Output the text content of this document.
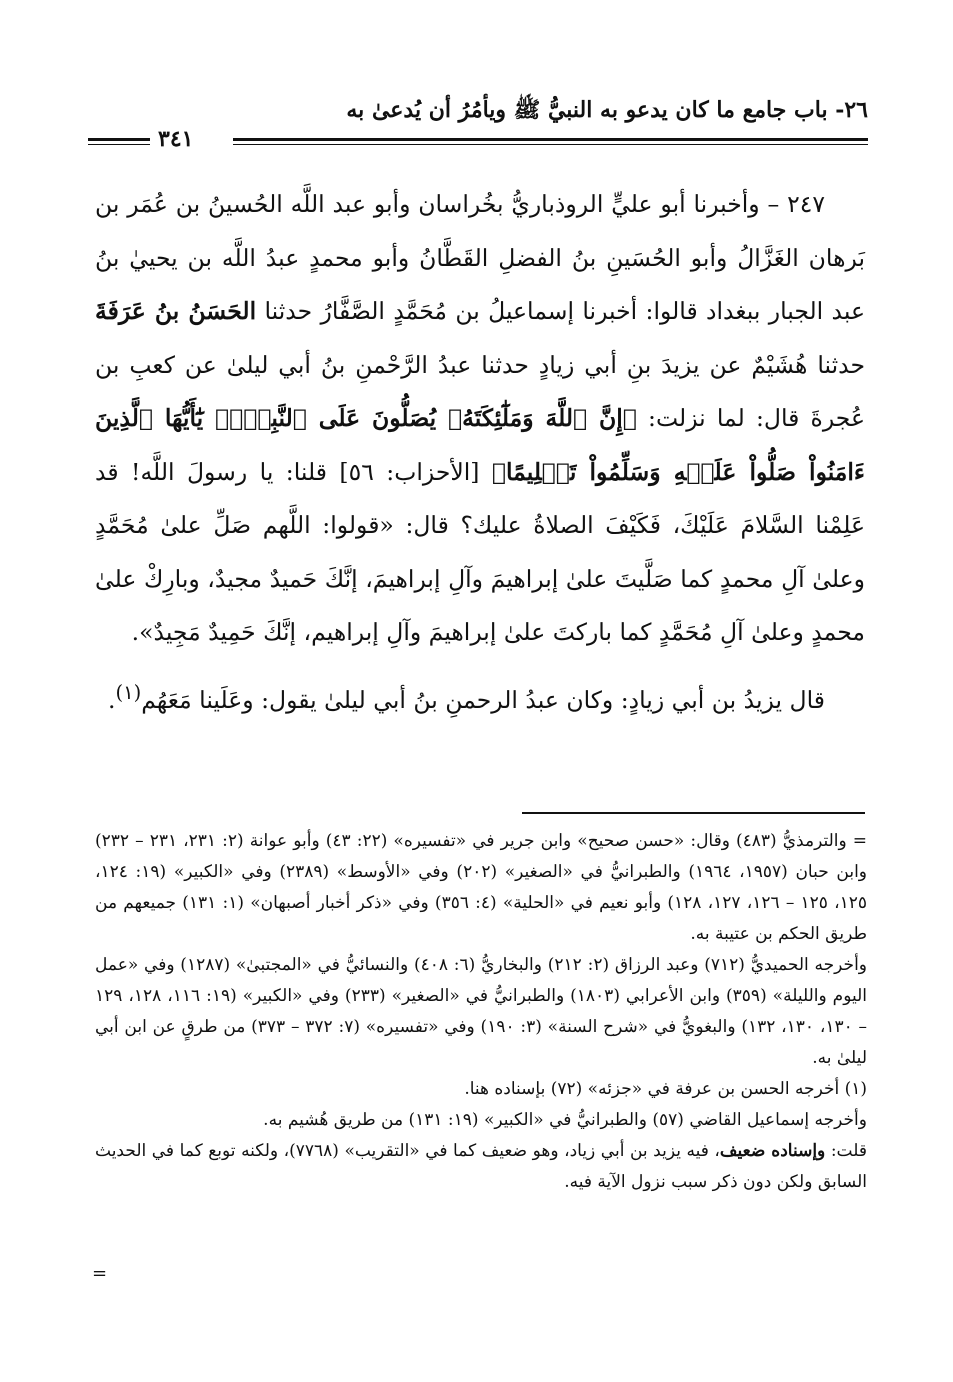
٢٦- باب جامع ما كان يدعو به النبيُّ ﷺ ويأمُرُ أن يُدعىٰ به
٣٤١

٢٤٧ – وأخبرنا أبو عليٍّ الروذباريُّ بخُراسان وأبو عبد اللَّه الحُسينُ بن عُمَر بن بَرهان الغَزَّالُ وأبو الحُسَينِ بنُ الفضلِ القَطَّانُ وأبو محمدٍ عبدُ اللَّه بن يحييٰ بنُ عبد الجبار ببغداد قالوا: أخبرنا إسماعيلُ بن مُحَمَّدٍ الصَّفَّارُ حدثنا الحَسَنُ بنُ عَرَفَةَ حدثنا هُشَيْمٌ عن يزيدَ بنِ أبي زيادٍ حدثنا عبدُ الرَّحْمنِ بنُ أبي ليلىٰ عن كعبِ بن عُجرةَ قال: لما نزلت: ﴿إِنَّ ٱللَّهَ وَمَلَٰٓئِكَتَهُۥ يُصَلُّونَ عَلَى ٱلنَّبِيِّۚ يَٰٓأَيُّهَا ٱلَّذِينَ ءَامَنُواْ صَلُّواْ عَلَيۡهِ وَسَلِّمُواْ تَسۡلِيمًا﴾ [الأحزاب: ٥٦] قلنا: يا رسولَ اللَّه! قد عَلِمْنا السَّلامَ عَلَيْكَ، فَكَيْفَ الصلاةُ عليك؟ قال: «قولوا: اللَّهم صَلِّ علىٰ مُحَمَّدٍ وعلىٰ آلِ محمدٍ كما صَلَّيتَ علىٰ إبراهيمَ وآلِ إبراهيمَ، إنَّكَ حَميدٌ مجيدٌ، وبارِكْ علىٰ محمدٍ وعلىٰ آلِ مُحَمَّدٍ كما باركتَ علىٰ إبراهيمَ وآلِ إبراهيم، إنَّكَ حَمِيدٌ مَجِيدٌ».

قال يزيدُ بن أبي زيادٍ: وكان عبدُ الرحمنِ بنُ أبي ليلىٰ يقول: وعَلَينا مَعَهُم$^{(١)}$.

= والترمذيُّ (٤٨٣) وقال: «حسن صحيح» وابن جرير في «تفسيره» (٢٢: ٤٣) وأبو عوانة (٢: ٢٣١، ٢٣١ – ٢٣٢) وابن حبان (١٩٥٧، ١٩٦٤) والطبرانيُّ في «الصغير» (٢٠٢) وفي «الأوسط» (٢٣٨٩) وفي «الكبير» (١٩: ١٢٤، ١٢٥، ١٢٥ – ١٢٦، ١٢٧، ١٢٨) وأبو نعيم في «الحلية» (٤: ٣٥٦) وفي «ذكر أخبار أصبهان» (١: ١٣١) جميعهم من طريق الحكم بن عتيبة به.

وأخرجه الحميديُّ (٧١٢) وعبد الرزاق (٢: ٢١٢) والبخاريُّ (٦: ٤٠٨) والنسائيُّ في «المجتبىٰ» (١٢٨٧) وفي «عمل اليوم والليلة» (٣٥٩) وابن الأعرابي (١٨٠٣) والطبرانيُّ في «الصغير» (٢٣٣) وفي «الكبير» (١٩: ١١٦، ١٢٨، ١٢٩ – ١٣٠، ١٣٠، ١٣٢) والبغويُّ في «شرح السنة» (٣: ١٩٠) وفي «تفسيره» (٧: ٣٧٢ – ٣٧٣) من طرقٍ عن ابن أبي ليلىٰ به.

(١) أخرجه الحسن بن عرفة في «جزئه» (٧٢) بإسناده هنا.

وأخرجه إسماعيل القاضي (٥٧) والطبرانيُّ في «الكبير» (١٩: ١٣١) من طريق هُشيم به.

قلت: وإسناده ضعيف، فيه يزيد بن أبي زياد، وهو ضعيف كما في «التقريب» (٧٧٦٨)، ولكنه توبع كما في الحديث السابق ولكن دون ذكر سبب نزول الآية فيه.

=
